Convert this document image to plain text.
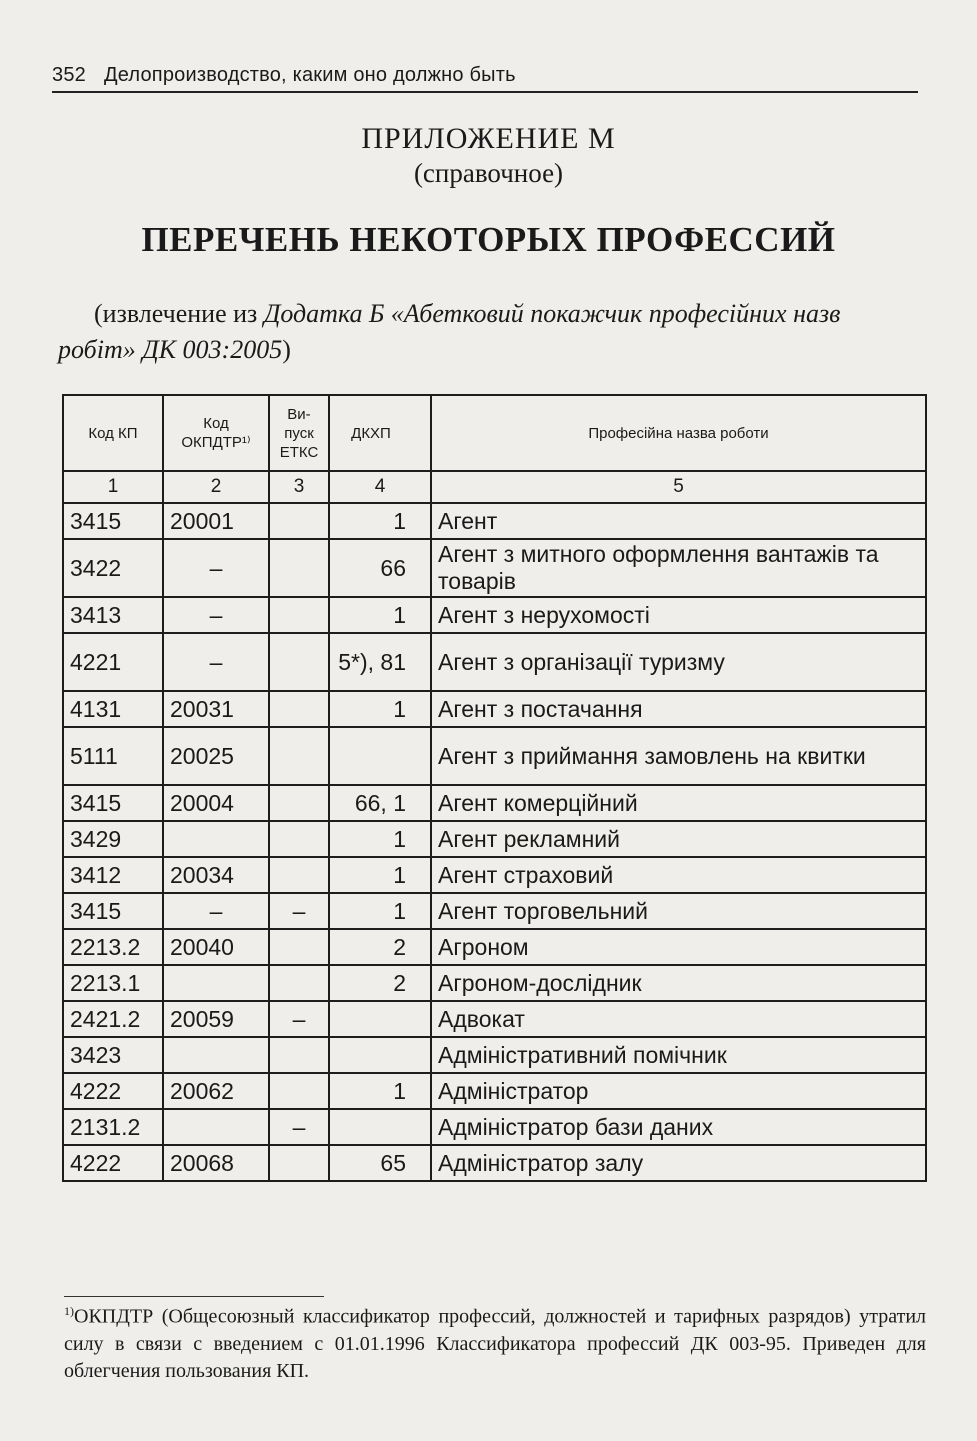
352 Делопроизводство, каким оно должно быть
ПРИЛОЖЕНИЕ М
(справочное)
ПЕРЕЧЕНЬ НЕКОТОРЫХ ПРОФЕССИЙ
(извлечение из Додатка Б «Абетковий покажчик професійних назв робіт» ДК 003:2005)
Код КП	Код ОКПДТР¹⁾	Ви-пуск ЕТКС	ДКХП	Професійна назва роботи
1	2	3	4	5
3415	20001		1	Агент
3422	–		66	Агент з митного оформлення вантажів та товарів
3413	–		1	Агент з нерухомості
4221	–		5*), 81	Агент з організації туризму
4131	20031		1	Агент з постачання
5111	20025			Агент з приймання замовлень на квитки
3415	20004		66, 1	Агент комерційний
3429			1	Агент рекламний
3412	20034		1	Агент страховий
3415	–	–	1	Агент торговельний
2213.2	20040		2	Агроном
2213.1			2	Агроном-дослідник
2421.2	20059	–		Адвокат
3423				Адміністративний помічник
4222	20062		1	Адміністратор
2131.2		–		Адміністратор бази даних
4222	20068		65	Адміністратор залу
$^{1)}$ОКПДТР (Общесоюзный классификатор профессий, должностей и тарифных разрядов) утратил силу в связи с введением с 01.01.1996 Классификатора профессий ДК 003-95. Приведен для облегчения пользования КП.
